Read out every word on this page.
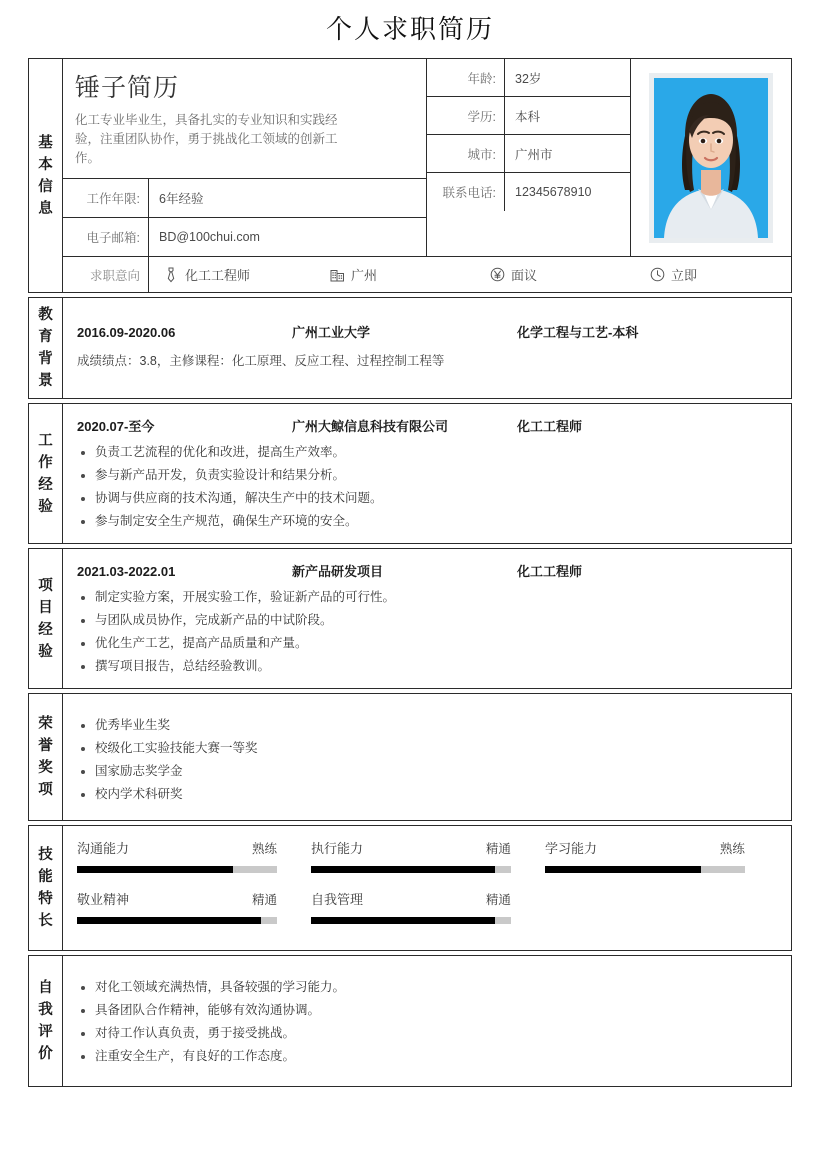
个人求职简历
基
本
信
息
锤子简历
化工专业毕业生，具备扎实的专业知识和实践经验，注重团队协作，勇于挑战化工领域的创新工作。
工作年限:	6年经验
电子邮箱:	BD@100chui.com
年龄:	32岁
学历:	本科
城市:	广州市
联系电话:	12345678910
求职意向	化工工程师	广州	面议	立即
教
育
背
景
2016.09-2020.06	广州工业大学	化学工程与工艺-本科
成绩绩点：3.8，主修课程：化工原理、反应工程、过程控制工程等
工
作
经
验
2020.07-至今	广州大鲸信息科技有限公司	化工工程师
负责工艺流程的优化和改进，提高生产效率。
参与新产品开发，负责实验设计和结果分析。
协调与供应商的技术沟通，解决生产中的技术问题。
参与制定安全生产规范，确保生产环境的安全。
项
目
经
验
2021.03-2022.01	新产品研发项目	化工工程师
制定实验方案，开展实验工作，验证新产品的可行性。
与团队成员协作，完成新产品的中试阶段。
优化生产工艺，提高产品质量和产量。
撰写项目报告，总结经验教训。
荣
誉
奖
项
优秀毕业生奖
校级化工实验技能大赛一等奖
国家励志奖学金
校内学术科研奖
技
能
特
长
沟通能力	熟练	执行能力	精通	学习能力	熟练
敬业精神	精通	自我管理	精通
自
我
评
价
对化工领域充满热情，具备较强的学习能力。
具备团队合作精神，能够有效沟通协调。
对待工作认真负责，勇于接受挑战。
注重安全生产，有良好的工作态度。
